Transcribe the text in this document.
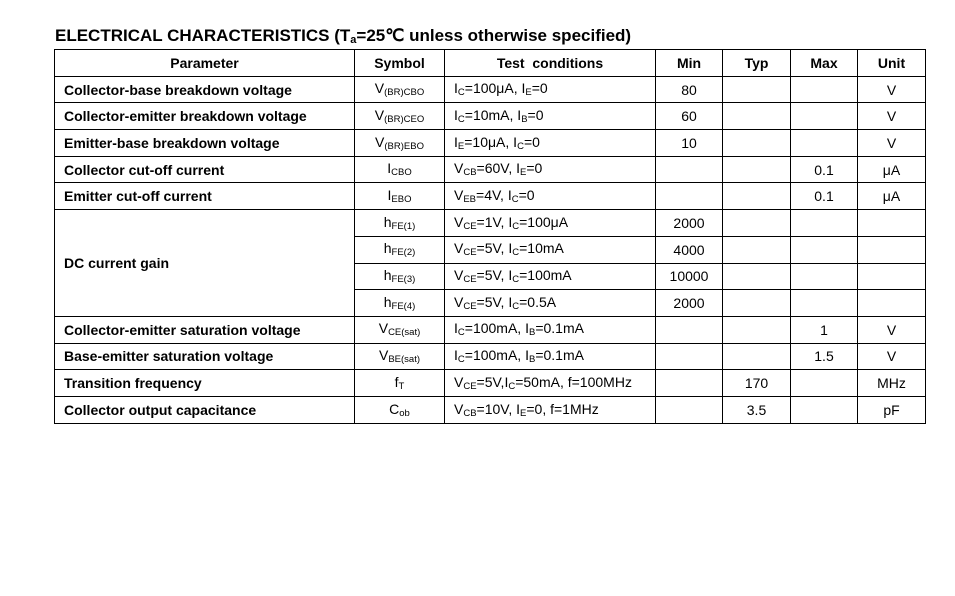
ELECTRICAL CHARACTERISTICS ($T_a=25℃$ unless otherwise specified)
Parameter	Symbol	Test  conditions	Min	Typ	Max	Unit
Collector-base breakdown voltage	$V_{(BR)CBO}$	$I_C=100\mu A$, $I_E=0$	80			V
Collector-emitter breakdown voltage	$V_{(BR)CEO}$	$I_C=10mA$, $I_B=0$	60			V
Emitter-base breakdown voltage	$V_{(BR)EBO}$	$I_E=10\mu A$, $I_C=0$	10			V
Collector cut-off current	$I_{CBO}$	$V_{CB}=60V$, $I_E=0$			0.1	μA
Emitter cut-off current	$I_{EBO}$	$V_{EB}=4V$, $I_C=0$			0.1	μA
DC current gain	$h_{FE(1)}$	$V_{CE}=1V$, $I_C=100\mu A$	2000			
	$h_{FE(2)}$	$V_{CE}=5V$, $I_C=10mA$	4000			
	$h_{FE(3)}$	$V_{CE}=5V$, $I_C=100mA$	10000			
	$h_{FE(4)}$	$V_{CE}=5V$, $I_C=0.5A$	2000			
Collector-emitter saturation voltage	$V_{CE(sat)}$	$I_C=100mA$, $I_B=0.1mA$			1	V
Base-emitter saturation voltage	$V_{BE(sat)}$	$I_C=100mA$, $I_B=0.1mA$			1.5	V
Transition frequency	$f_T$	$V_{CE}=5V,I_C=50mA$, f=100MHz		170		MHz
Collector output capacitance	$C_{ob}$	$V_{CB}=10V$, $I_E=0$, f=1MHz		3.5		pF
